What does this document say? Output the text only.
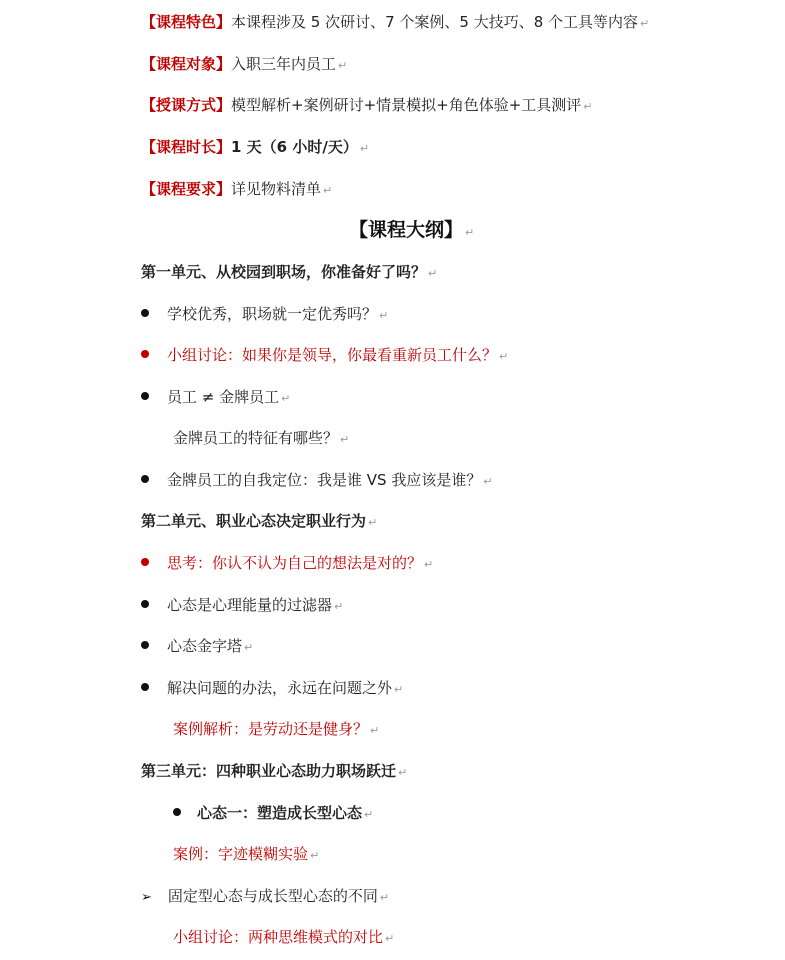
【课程特色】本课程涉及 5 次研讨、7 个案例、5 大技巧、8 个工具等内容 ↵
【课程对象】入职三年内员工 ↵
【授课方式】模型解析+案例研讨+情景模拟+角色体验+工具测评 ↵
【课程时长】1 天（6 小时/天） ↵
【课程要求】详见物料清单 ↵
【课程大纲】 ↵
第一单元、从校园到职场，你准备好了吗？ ↵
学校优秀，职场就一定优秀吗？ ↵
小组讨论：如果你是领导，你最看重新员工什么？ ↵
员工 ≠ 金牌员工 ↵
金牌员工的特征有哪些？ ↵
金牌员工的自我定位：我是谁 VS 我应该是谁？ ↵
第二单元、职业心态决定职业行为 ↵
思考：你认不认为自己的想法是对的？ ↵
心态是心理能量的过滤器 ↵
心态金字塔 ↵
解决问题的办法，永远在问题之外 ↵
案例解析：是劳动还是健身？ ↵
第三单元：四种职业心态助力职场跃迁 ↵
心态一：塑造成长型心态 ↵
案例：字迹模糊实验 ↵
➢ 固定型心态与成长型心态的不同 ↵
小组讨论：两种思维模式的对比 ↵
